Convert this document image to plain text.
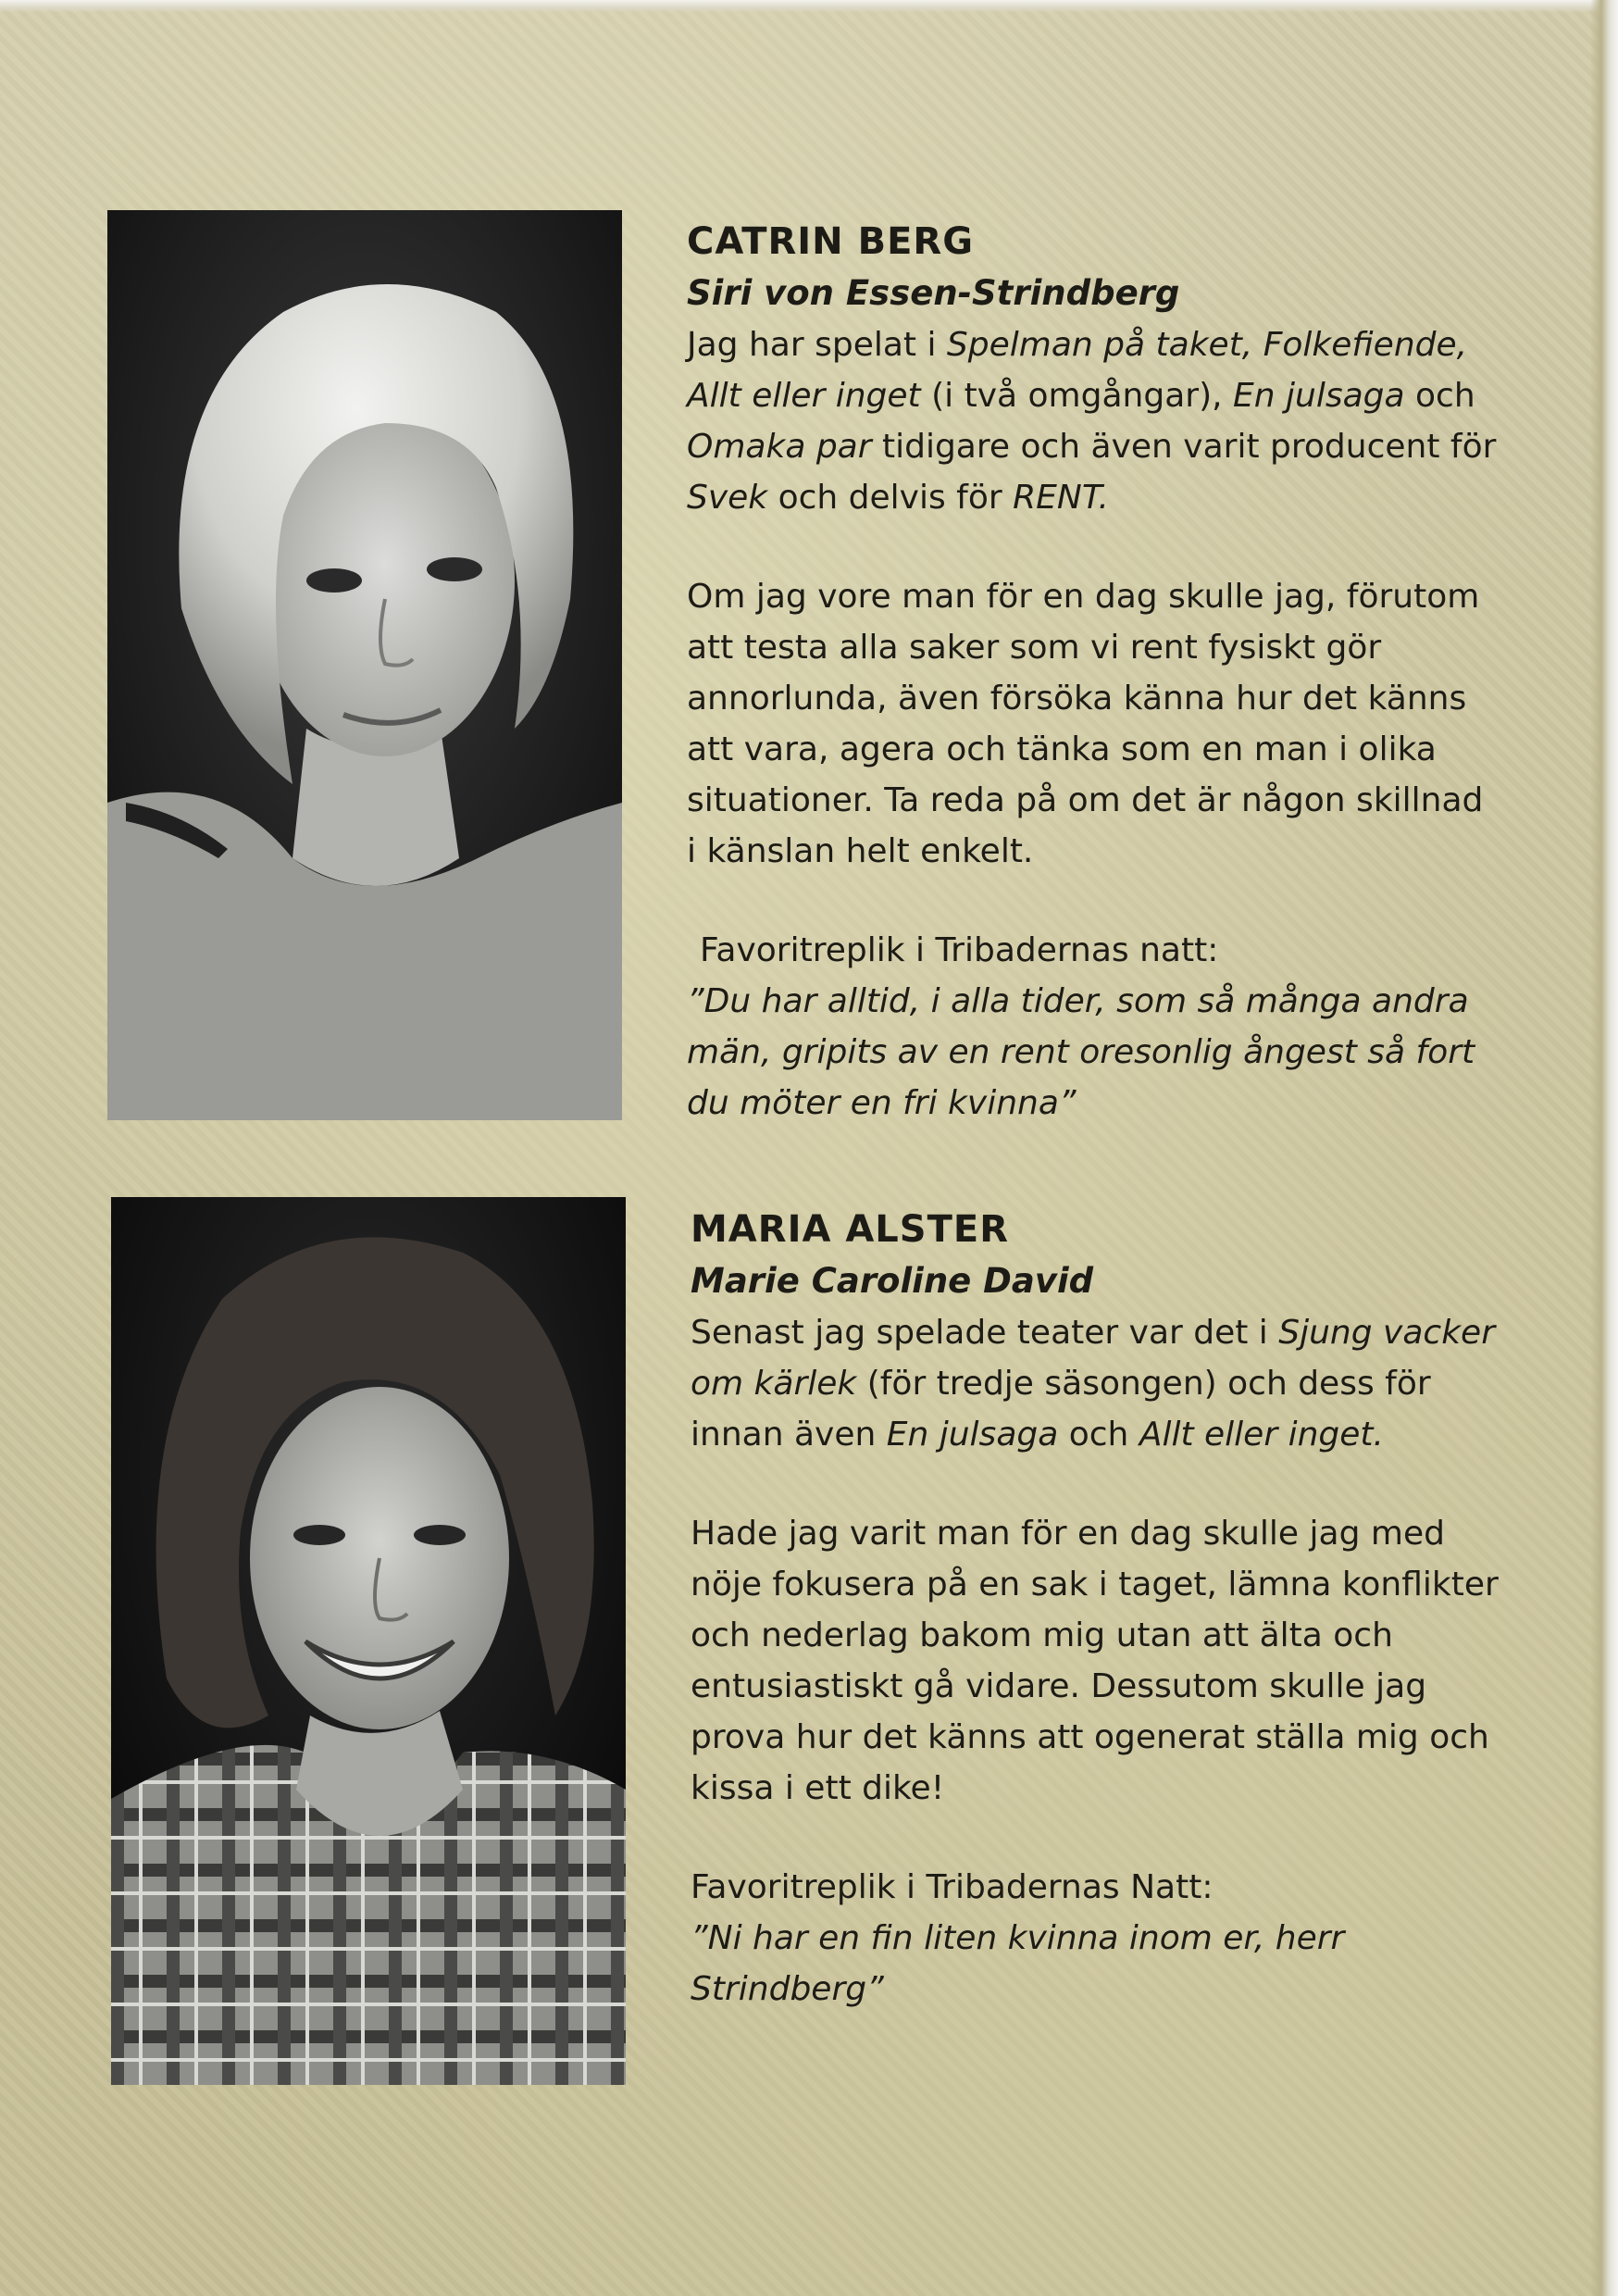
CATRIN BERG

Siri von Essen-Strindberg

Jag har spelat i Spelman på taket, Folkefiende, Allt eller inget (i två omgångar), En julsaga och Omaka par tidigare och även varit producent för Svek och delvis för RENT.

Om jag vore man för en dag skulle jag, förutom att testa alla saker som vi rent fysiskt gör annorlunda, även försöka känna hur det känns att vara, agera och tänka som en man i olika situationer. Ta reda på om det är någon skillnad i känslan helt enkelt.

Favoritreplik i Tribadernas natt:

”Du har alltid, i alla tider, som så många andra män, gripits av en rent oresonlig ångest så fort du möter en fri kvinna”

MARIA ALSTER

Marie Caroline David

Senast jag spelade teater var det i Sjung vacker om kärlek (för tredje säsongen) och dess för innan även En julsaga och Allt eller inget.

Hade jag varit man för en dag skulle jag med nöje fokusera på en sak i taget, lämna konflikter och nederlag bakom mig utan att älta och entusiastiskt gå vidare. Dessutom skulle jag prova hur det känns att ogenerat ställa mig och kissa i ett dike!

Favoritreplik i Tribadernas Natt:

”Ni har en fin liten kvinna inom er, herr Strindberg”
